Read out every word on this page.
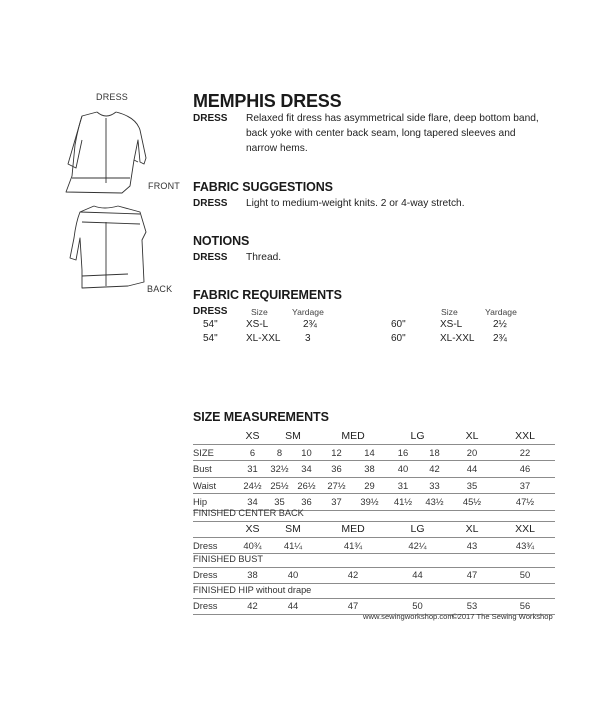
DRESS
FRONT
BACK
MEMPHIS DRESS
DRESS Relaxed fit dress has asymmetrical side flare, deep bottom band,
back yoke with center back seam, long tapered sleeves and
narrow hems.
FABRIC SUGGESTIONS
DRESS Light to medium-weight knits. 2 or 4-way stretch.
NOTIONS
DRESS Thread.
FABRIC REQUIREMENTS
DRESS	Size	Yardage	Size	Yardage
54"	XS-L	2¾
54"	XL-XXL 3
60"	XS-L	2½
60"	XL-XXL 2¾
SIZE MEASUREMENTS
	XS	SM		MED		LG		XL	XXL
SIZE	6	8	10	12	14	16	18	20	22
Bust	31	32½	34	36	38	40	42	44	46
Waist	24½	25½	26½	27½	29	31	33	35	37
Hip	34	35	36	37	39½	41½	43½	45½	47½
FINISHED CENTER BACK
	XS	SM	MED	LG	XL	XXL
Dress	40¾	41¼	41¾	42¼	43	43¾
FINISHED BUST
Dress	38	40	42	44	47	50
FINISHED HIP without drape
Dress	42	44	47	50	53	56
www.sewingworkshop.com
©2017 The Sewing Workshop
